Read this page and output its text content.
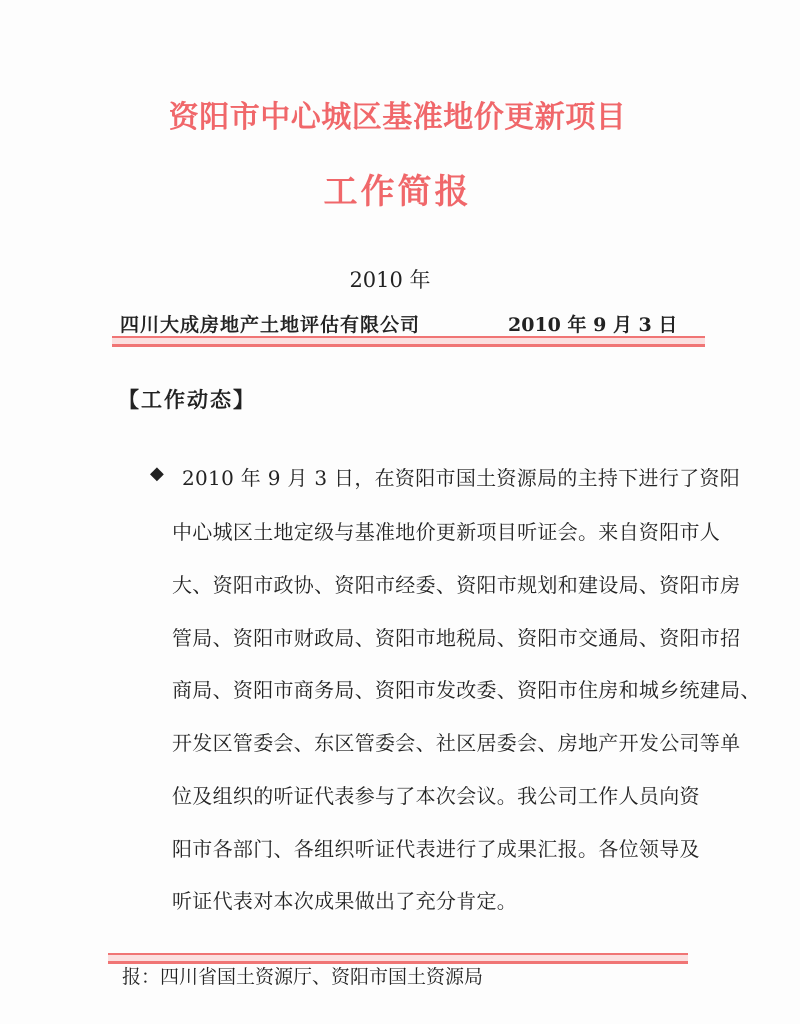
资阳市中心城区基准地价更新项目
工作简报
2010 年
四川大成房地产土地评估有限公司	2010 年 9 月 3 日
【工作动态】
◆ 2010 年 9 月 3 日，在资阳市国土资源局的主持下进行了资阳
中心城区土地定级与基准地价更新项目听证会。来自资阳市人
大、资阳市政协、资阳市经委、资阳市规划和建设局、资阳市房
管局、资阳市财政局、资阳市地税局、资阳市交通局、资阳市招
商局、资阳市商务局、资阳市发改委、资阳市住房和城乡统建局、
开发区管委会、东区管委会、社区居委会、房地产开发公司等单
位及组织的听证代表参与了本次会议。我公司工作人员向资
阳市各部门、各组织听证代表进行了成果汇报。各位领导及
听证代表对本次成果做出了充分肯定。
报：四川省国土资源厅、资阳市国土资源局
